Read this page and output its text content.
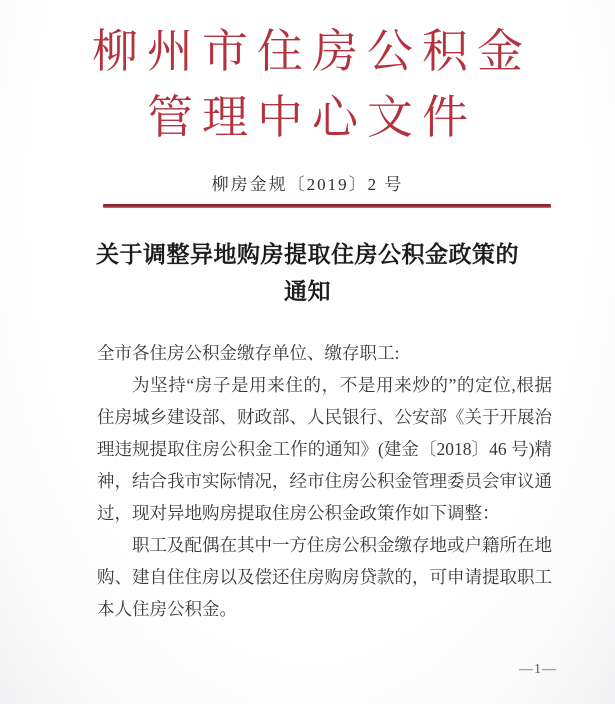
柳州市住房公积金
管理中心文件
柳房金规〔2019〕2 号
关于调整异地购房提取住房公积金政策的
通知

全市各住房公积金缴存单位、缴存职工:

为坚持“房子是用来住的，不是用来炒的”的定位,根据住房城乡建设部、财政部、人民银行、公安部《关于开展治理违规提取住房公积金工作的通知》(建金〔2018〕46 号)精神，结合我市实际情况，经市住房公积金管理委员会审议通过，现对异地购房提取住房公积金政策作如下调整：

职工及配偶在其中一方住房公积金缴存地或户籍所在地购、建自住住房以及偿还住房购房贷款的，可申请提取职工本人住房公积金。

—1—
